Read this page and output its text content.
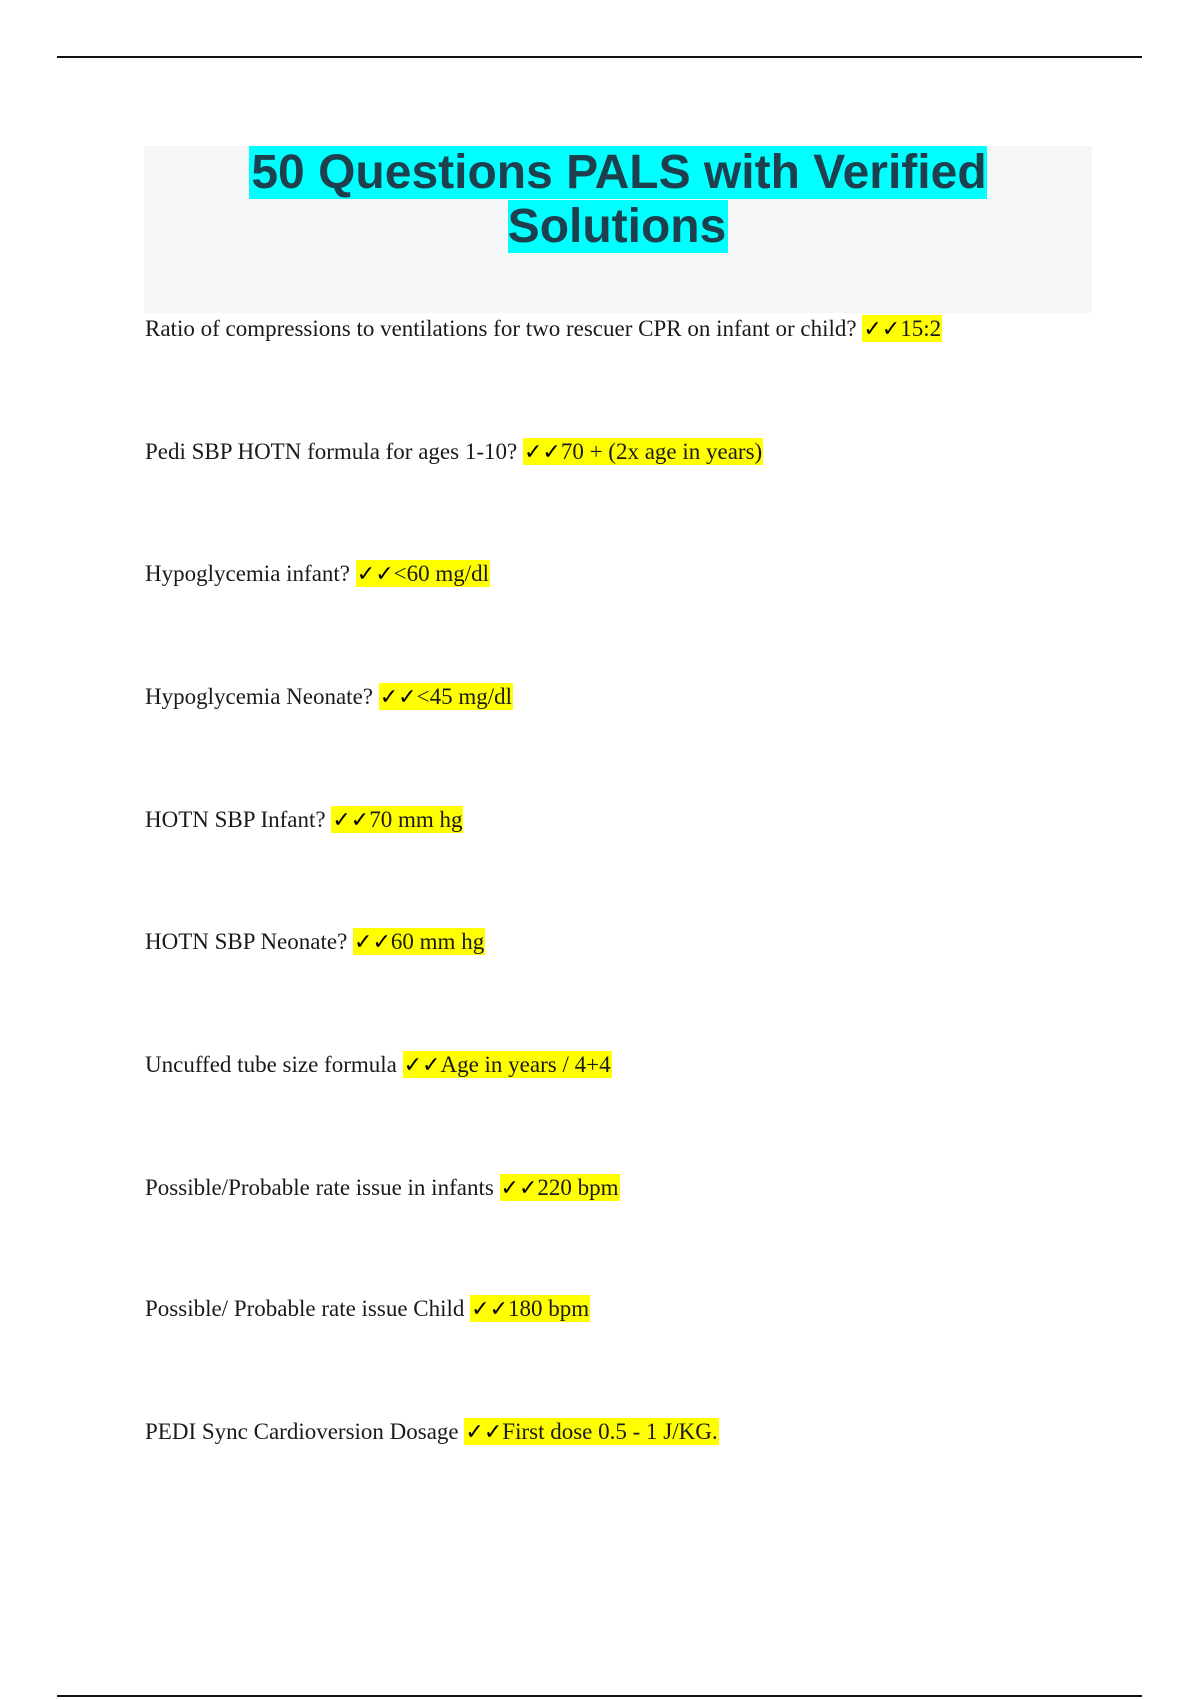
50 Questions PALS with Verified Solutions
Ratio of compressions to ventilations for two rescuer CPR on infant or child? ✓✓15:2
Pedi SBP HOTN formula for ages 1-10? ✓✓70 + (2x age in years)
Hypoglycemia infant? ✓✓<60 mg/dl
Hypoglycemia Neonate? ✓✓<45 mg/dl
HOTN SBP Infant? ✓✓70 mm hg
HOTN SBP Neonate? ✓✓60 mm hg
Uncuffed tube size formula ✓✓Age in years / 4+4
Possible/Probable rate issue in infants ✓✓220 bpm
Possible/ Probable rate issue Child ✓✓180 bpm
PEDI Sync Cardioversion Dosage ✓✓First dose 0.5 - 1 J/KG.
